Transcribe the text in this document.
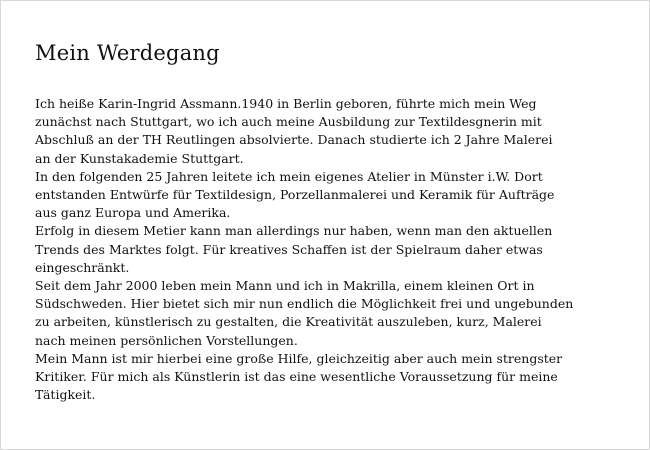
Mein Werdegang
Ich heiße Karin-Ingrid Assmann.1940 in Berlin geboren, führte mich mein Weg
zunächst nach Stuttgart, wo ich auch meine Ausbildung zur Textildesgnerin mit
Abschluß an der TH Reutlingen absolvierte. Danach studierte ich 2 Jahre Malerei
an der Kunstakademie Stuttgart.
In den folgenden 25 Jahren leitete ich mein eigenes Atelier in Münster i.W. Dort
entstanden Entwürfe für Textildesign, Porzellanmalerei und Keramik für Aufträge
aus ganz Europa und Amerika.
Erfolg in diesem Metier kann man allerdings nur haben, wenn man den aktuellen
Trends des Marktes folgt. Für kreatives Schaffen ist der Spielraum daher etwas
eingeschränkt.
Seit dem Jahr 2000 leben mein Mann und ich in Makrilla, einem kleinen Ort in
Südschweden. Hier bietet sich mir nun endlich die Möglichkeit frei und ungebunden
zu arbeiten, künstlerisch zu gestalten, die Kreativität auszuleben, kurz, Malerei
nach meinen persönlichen Vorstellungen.
Mein Mann ist mir hierbei eine große Hilfe, gleichzeitig aber auch mein strengster
Kritiker. Für mich als Künstlerin ist das eine wesentliche Voraussetzung für meine
Tätigkeit.
